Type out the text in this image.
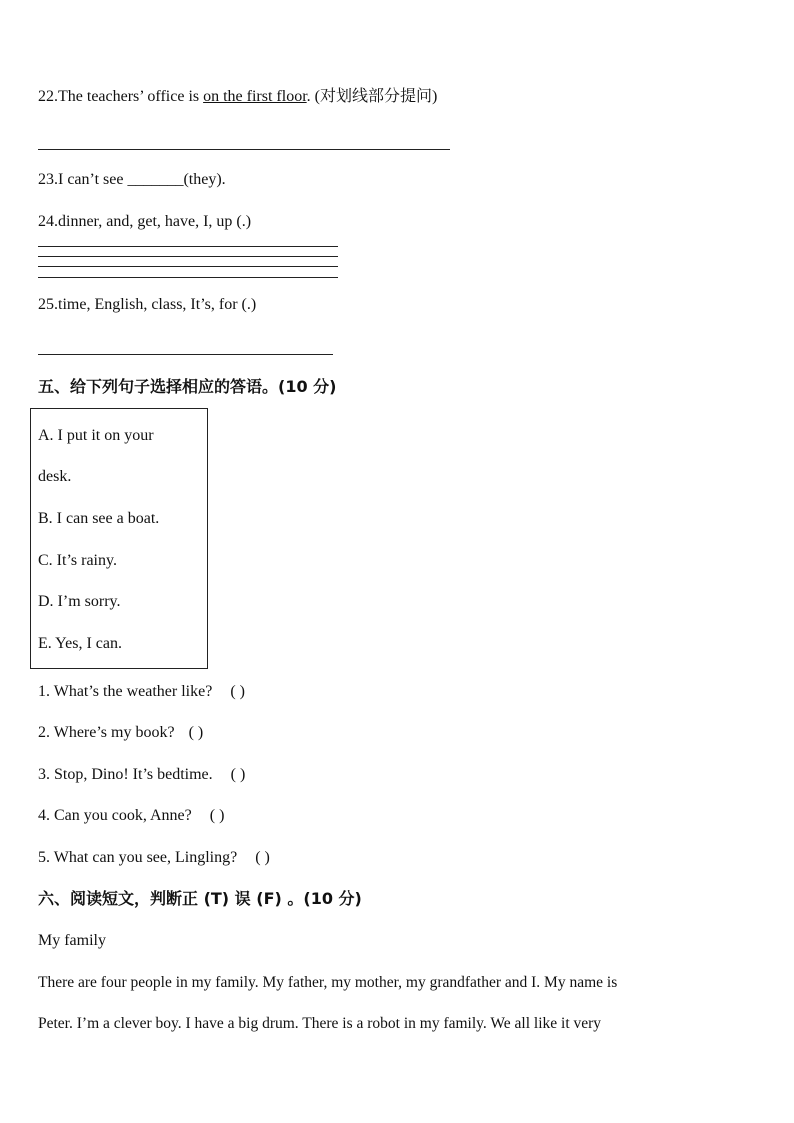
22.The teachers’ office is on the first floor. (对划线部分提问)
23.I can’t see _______(they).
24.dinner, and, get, have, I, up (.)
25.time, English, class, It’s, for (.)
五、给下列句子选择相应的答语。(10 分)
A. I put it on your
desk.
B. I can see a boat.
C. It’s rainy.
D. I’m sorry.
E. Yes, I can.
1. What’s the weather like? ( )
2. Where’s my book? ( )
3. Stop, Dino! It’s bedtime. ( )
4. Can you cook, Anne? ( )
5. What can you see, Lingling? ( )
六、阅读短文，判断正 (T) 误 (F) 。(10 分)
My family
There are four people in my family. My father, my mother, my grandfather and I. My name is
Peter. I’m a clever boy. I have a big drum. There is a robot in my family. We all like it very
